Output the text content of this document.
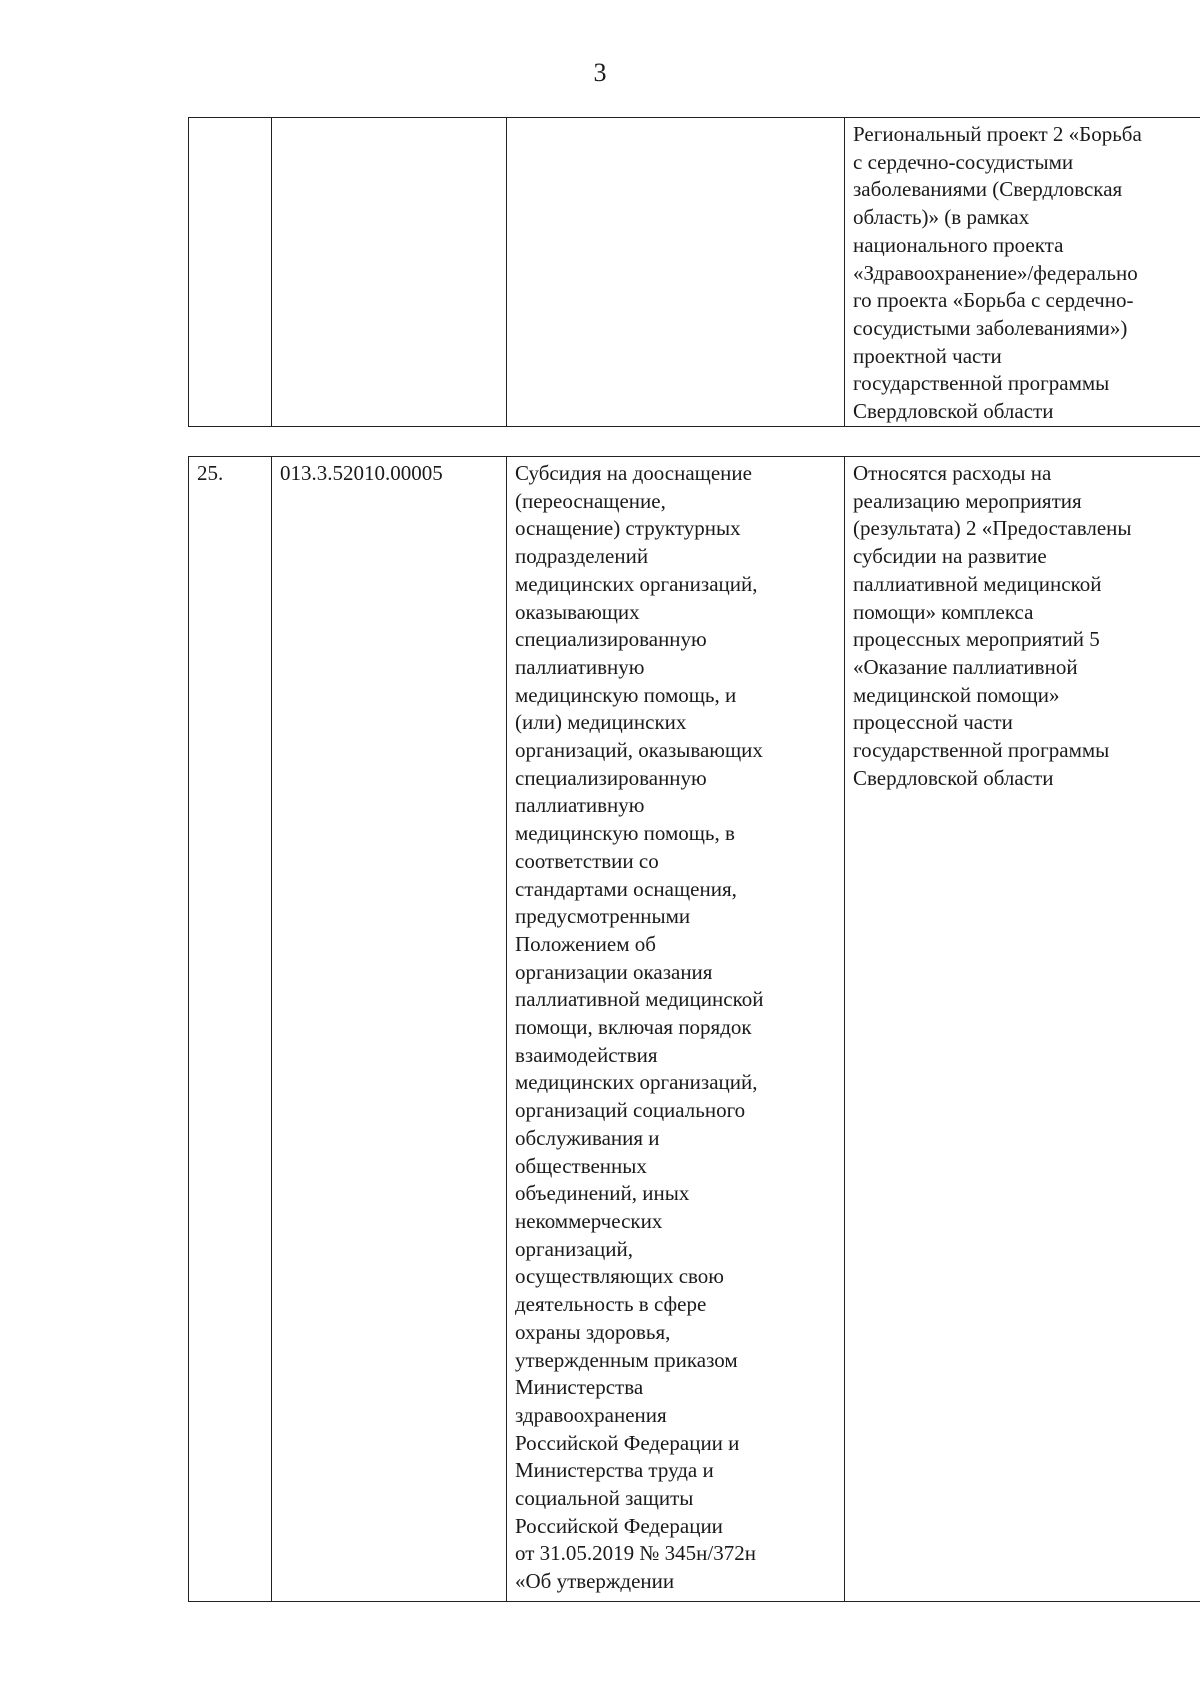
3
			Региональный проект 2 «Борьба
с сердечно-сосудистыми
заболеваниями (Свердловская
область)» (в рамках
национального проекта
«Здравоохранение»/федерально
го проекта «Борьба с сердечно-
сосудистыми заболеваниями»)
проектной части
государственной программы
Свердловской области
25.	013.3.52010.00005	Субсидия на дооснащение
(переоснащение,
оснащение) структурных
подразделений
медицинских организаций,
оказывающих
специализированную
паллиативную
медицинскую помощь, и
(или) медицинских
организаций, оказывающих
специализированную
паллиативную
медицинскую помощь, в
соответствии со
стандартами оснащения,
предусмотренными
Положением об
организации оказания
паллиативной медицинской
помощи, включая порядок
взаимодействия
медицинских организаций,
организаций социального
обслуживания и
общественных
объединений, иных
некоммерческих
организаций,
осуществляющих свою
деятельность в сфере
охраны здоровья,
утвержденным приказом
Министерства
здравоохранения
Российской Федерации и
Министерства труда и
социальной защиты
Российской Федерации
от 31.05.2019 № 345н/372н
«Об утверждении	Относятся расходы на
реализацию мероприятия
(результата) 2 «Предоставлены
субсидии на развитие
паллиативной медицинской
помощи» комплекса
процессных мероприятий 5
«Оказание паллиативной
медицинской помощи»
процессной части
государственной программы
Свердловской области
